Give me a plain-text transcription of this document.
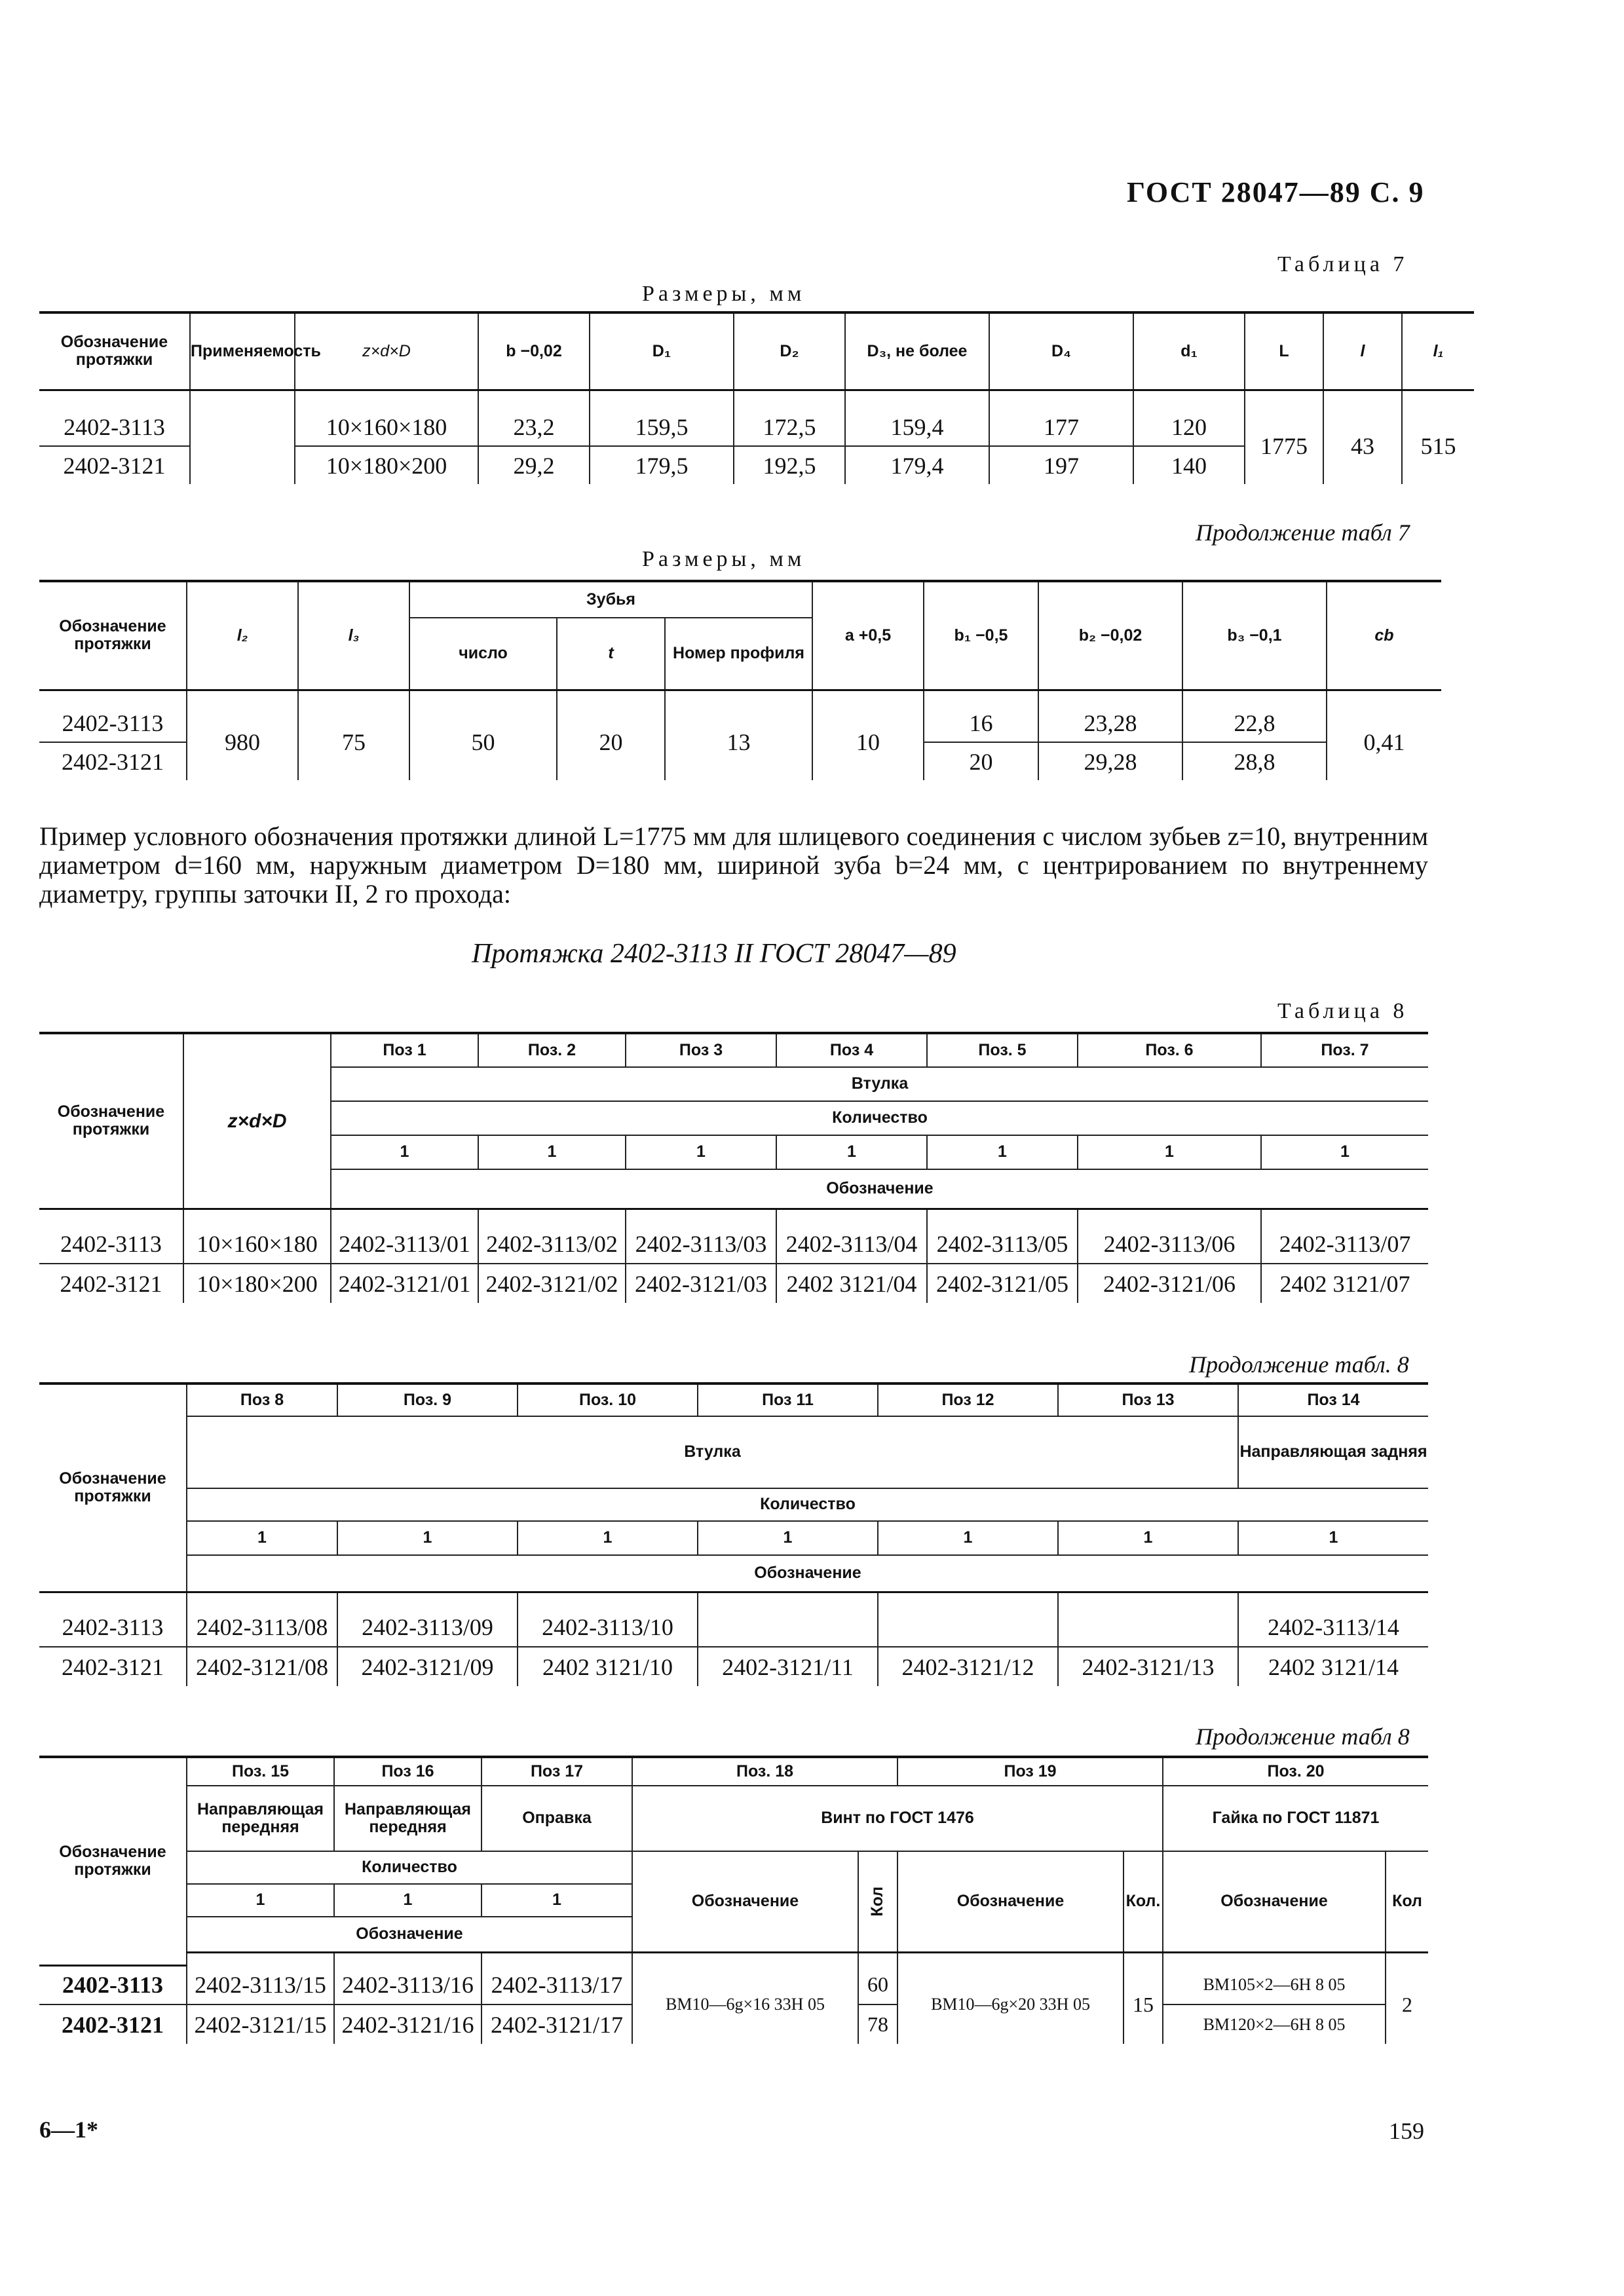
ГОСТ 28047—89 С. 9
Таблица 7
Размеры, мм
Обозначение протяжки	Применяемость	z×d×D	b −0,02	D₁	D₂	D₃, не более	D₄	d₁	L	l	l₁

2402-3113		10×160×180	23,2	159,5	172,5	159,4	177	120	1775	43	515
2402-3121		10×180×200	29,2	179,5	192,5	179,4	197	140			
Продолжение табл 7
Размеры, мм
Обозначение протяжки	l₂	l₃	Зубья			a +0,5	b₁ −0,5	b₂ −0,02	b₃ −0,1	cb
			число	t	Номер профиля					

2402-3113	980	75	50	20	13	10	16	23,28	22,8	0,41
2402-3121							20	29,28	28,8	
Пример условного обозначения протяжки длиной L=1775 мм для шлицевого соединения с числом зубьев z=10, внутренним диаметром d=160 мм, наружным диаметром D=180 мм, шириной зуба b=24 мм, с центрированием по внутреннему диаметру, группы заточки II, 2 го прохода:
Протяжка 2402-3113 II ГОСТ 28047—89
Таблица 8
Обозначение протяжки	z×d×D	Поз 1	Поз. 2	Поз 3	Поз 4	Поз. 5	Поз. 6	Поз. 7
		Втулка						
		Количество						
		1	1	1	1	1	1	1
		Обозначение						

2402-3113	10×160×180	2402-3113/01	2402-3113/02	2402-3113/03	2402-3113/04	2402-3113/05	2402-3113/06	2402-3113/07
2402-3121	10×180×200	2402-3121/01	2402-3121/02	2402-3121/03	2402 3121/04	2402-3121/05	2402-3121/06	2402 3121/07
Продолжение табл. 8
Обозначение протяжки	Поз 8	Поз. 9	Поз. 10	Поз 11	Поз 12	Поз 13	Поз 14
	Втулка						Направляющая задняя
	Количество						
	1	1	1	1	1	1	1
	Обозначение						

2402-3113	2402-3113/08	2402-3113/09	2402-3113/10				2402-3113/14
2402-3121	2402-3121/08	2402-3121/09	2402 3121/10	2402-3121/11	2402-3121/12	2402-3121/13	2402 3121/14
Продолжение табл 8
Обозначение протяжки	Поз. 15	Поз 16	Поз 17	Поз. 18		Поз 19		Поз. 20	
	Направляющая передняя	Направляющая передняя	Оправка	Винт по ГОСТ 1476				Гайка по ГОСТ 11871	
	Количество			Обозначение	Кол	Обозначение	Кол.	Обозначение	Кол
	1	1	1						
	Обозначение								

2402-3113	2402-3113/15	2402-3113/16	2402-3113/17	ВМ10—6g×16 33Н 05	60	ВМ10—6g×20 33Н 05	15	ВМ105×2—6Н 8 05	2
2402-3121	2402-3121/15	2402-3121/16	2402-3121/17		78			ВМ120×2—6Н 8 05	
6—1*	159
